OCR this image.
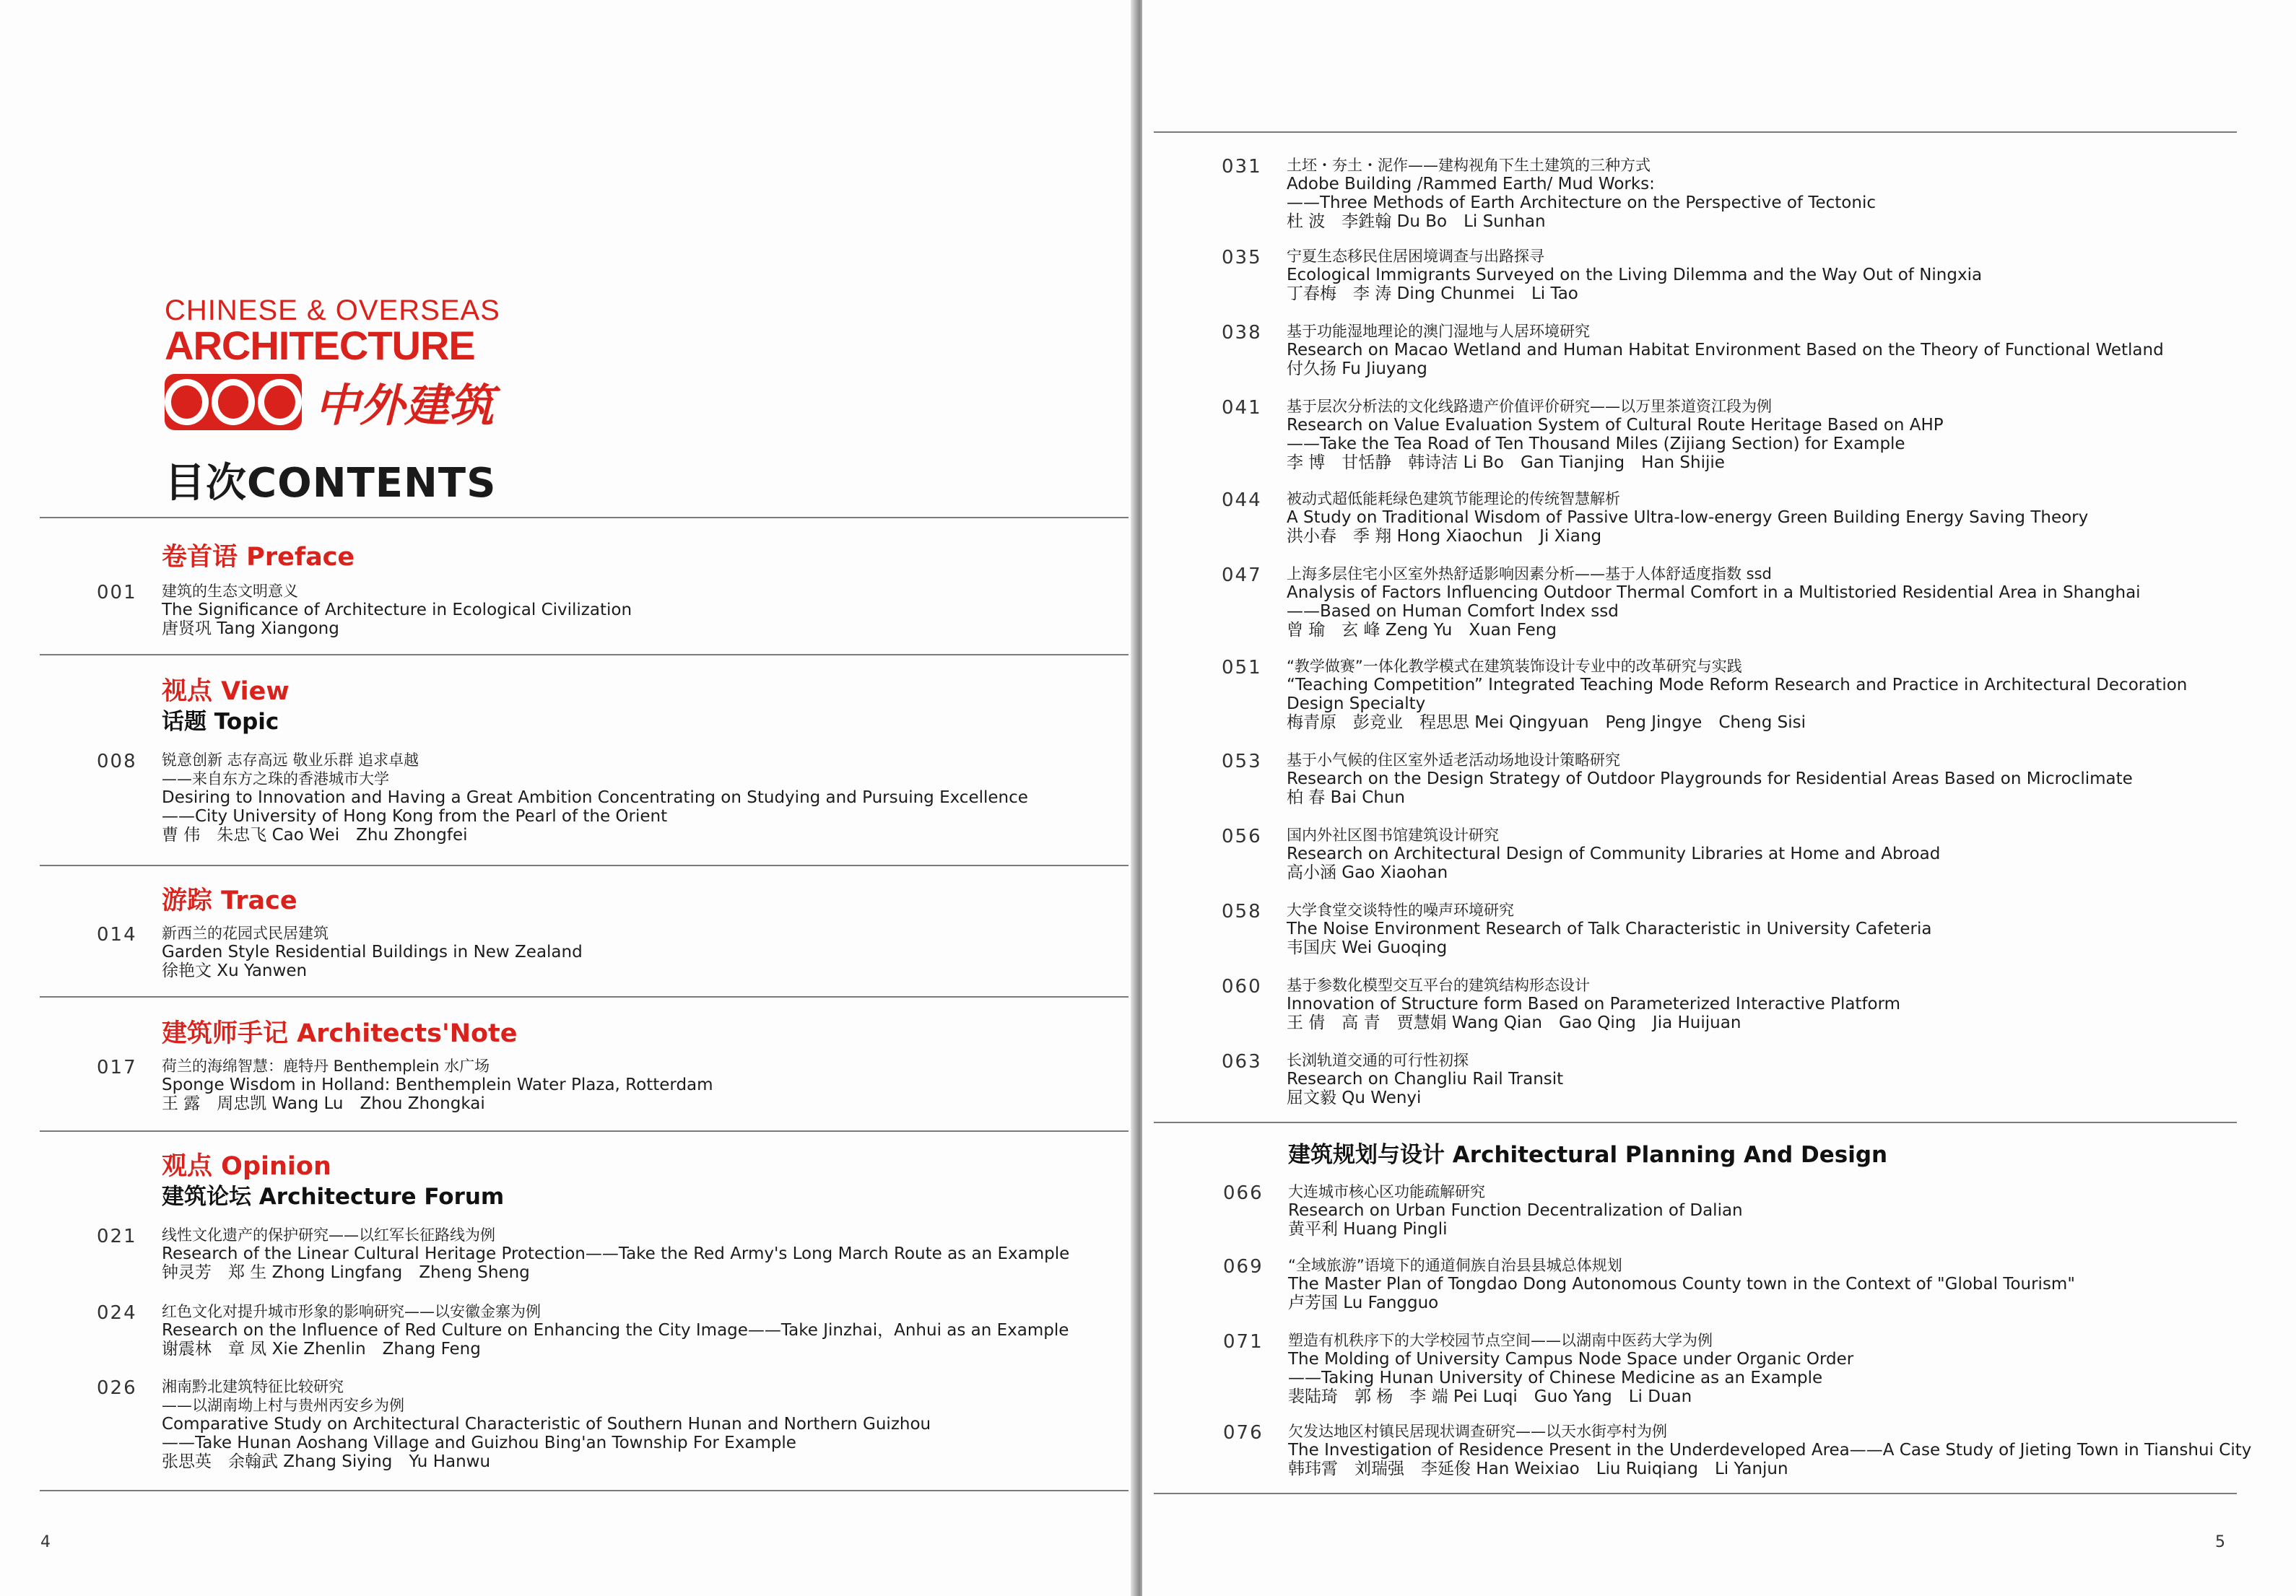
CHINESE & OVERSEAS
ARCHITECTURE
中外建筑
目次CONTENTS
卷首语 Preface
001 建筑的生态文明意义
The Significance of Architecture in Ecological Civilization
唐贤巩 Tang Xiangong
视点 View
话题 Topic
008 锐意创新 志存高远 敬业乐群 追求卓越
——来自东方之珠的香港城市大学
Desiring to Innovation and Having a Great Ambition Concentrating on Studying and Pursuing Excellence
——City University of Hong Kong from the Pearl of the Orient
曹 伟　朱忠飞 Cao Wei　Zhu Zhongfei
游踪 Trace
014 新西兰的花园式民居建筑
Garden Style Residential Buildings in New Zealand
徐艳文 Xu Yanwen
建筑师手记 Architects'Note
017 荷兰的海绵智慧：鹿特丹 Benthemplein 水广场
Sponge Wisdom in Holland: Benthemplein Water Plaza, Rotterdam
王 露　周忠凯 Wang Lu　Zhou Zhongkai
观点 Opinion
建筑论坛 Architecture Forum
021 线性文化遗产的保护研究——以红军长征路线为例
Research of the Linear Cultural Heritage Protection——Take the Red Army's Long March Route as an Example
钟灵芳　郑 生 Zhong Lingfang　Zheng Sheng
024 红色文化对提升城市形象的影响研究——以安徽金寨为例
Research on the Influence of Red Culture on Enhancing the City Image——Take Jinzhai，Anhui as an Example
谢震林　章 凤 Xie Zhenlin　Zhang Feng
026 湘南黔北建筑特征比较研究
——以湖南坳上村与贵州丙安乡为例
Comparative Study on Architectural Characteristic of Southern Hunan and Northern Guizhou
——Take Hunan Aoshang Village and Guizhou Bing'an Township For Example
张思英　余翰武 Zhang Siying　Yu Hanwu
4
031 土坯・夯土・泥作——建构视角下生土建筑的三种方式
Adobe Building /Rammed Earth/ Mud Works:
——Three Methods of Earth Architecture on the Perspective of Tectonic
杜 波　李鉎翰 Du Bo　Li Sunhan
035 宁夏生态移民住居困境调查与出路探寻
Ecological Immigrants Surveyed on the Living Dilemma and the Way Out of Ningxia
丁春梅　李 涛 Ding Chunmei　Li Tao
038 基于功能湿地理论的澳门湿地与人居环境研究
Research on Macao Wetland and Human Habitat Environment Based on the Theory of Functional Wetland
付久扬 Fu Jiuyang
041 基于层次分析法的文化线路遗产价值评价研究——以万里茶道资江段为例
Research on Value Evaluation System of Cultural Route Heritage Based on AHP
——Take the Tea Road of Ten Thousand Miles (Zijiang Section) for Example
李 博　甘恬静　韩诗洁 Li Bo　Gan Tianjing　Han Shijie
044 被动式超低能耗绿色建筑节能理论的传统智慧解析
A Study on Traditional Wisdom of Passive Ultra-low-energy Green Building Energy Saving Theory
洪小春　季 翔 Hong Xiaochun　Ji Xiang
047 上海多层住宅小区室外热舒适影响因素分析——基于人体舒适度指数 ssd
Analysis of Factors Influencing Outdoor Thermal Comfort in a Multistoried Residential Area in Shanghai
——Based on Human Comfort Index ssd
曾 瑜　玄 峰 Zeng Yu　Xuan Feng
051 “教学做赛”一体化教学模式在建筑装饰设计专业中的改革研究与实践
“Teaching Competition” Integrated Teaching Mode Reform Research and Practice in Architectural Decoration
Design Specialty
梅青原　彭竞业　程思思 Mei Qingyuan　Peng Jingye　Cheng Sisi
053 基于小气候的住区室外适老活动场地设计策略研究
Research on the Design Strategy of Outdoor Playgrounds for Residential Areas Based on Microclimate
柏 春 Bai Chun
056 国内外社区图书馆建筑设计研究
Research on Architectural Design of Community Libraries at Home and Abroad
高小涵 Gao Xiaohan
058 大学食堂交谈特性的噪声环境研究
The Noise Environment Research of Talk Characteristic in University Cafeteria
韦国庆 Wei Guoqing
060 基于参数化模型交互平台的建筑结构形态设计
Innovation of Structure form Based on Parameterized Interactive Platform
王 倩　高 青　贾慧娟 Wang Qian　Gao Qing　Jia Huijuan
063 长浏轨道交通的可行性初探
Research on Changliu Rail Transit
屈文毅 Qu Wenyi
建筑规划与设计 Architectural Planning And Design
066 大连城市核心区功能疏解研究
Research on Urban Function Decentralization of Dalian
黄平利 Huang Pingli
069 “全域旅游”语境下的通道侗族自治县县城总体规划
The Master Plan of Tongdao Dong Autonomous County town in the Context of "Global Tourism"
卢芳国 Lu Fangguo
071 塑造有机秩序下的大学校园节点空间——以湖南中医药大学为例
The Molding of University Campus Node Space under Organic Order
——Taking Hunan University of Chinese Medicine as an Example
裴陆琦　郭 杨　李 端 Pei Luqi　Guo Yang　Li Duan
076 欠发达地区村镇民居现状调查研究——以天水街亭村为例
The Investigation of Residence Present in the Underdeveloped Area——A Case Study of Jieting Town in Tianshui City
韩玮霄　刘瑞强　李延俊 Han Weixiao　Liu Ruiqiang　Li Yanjun
5
